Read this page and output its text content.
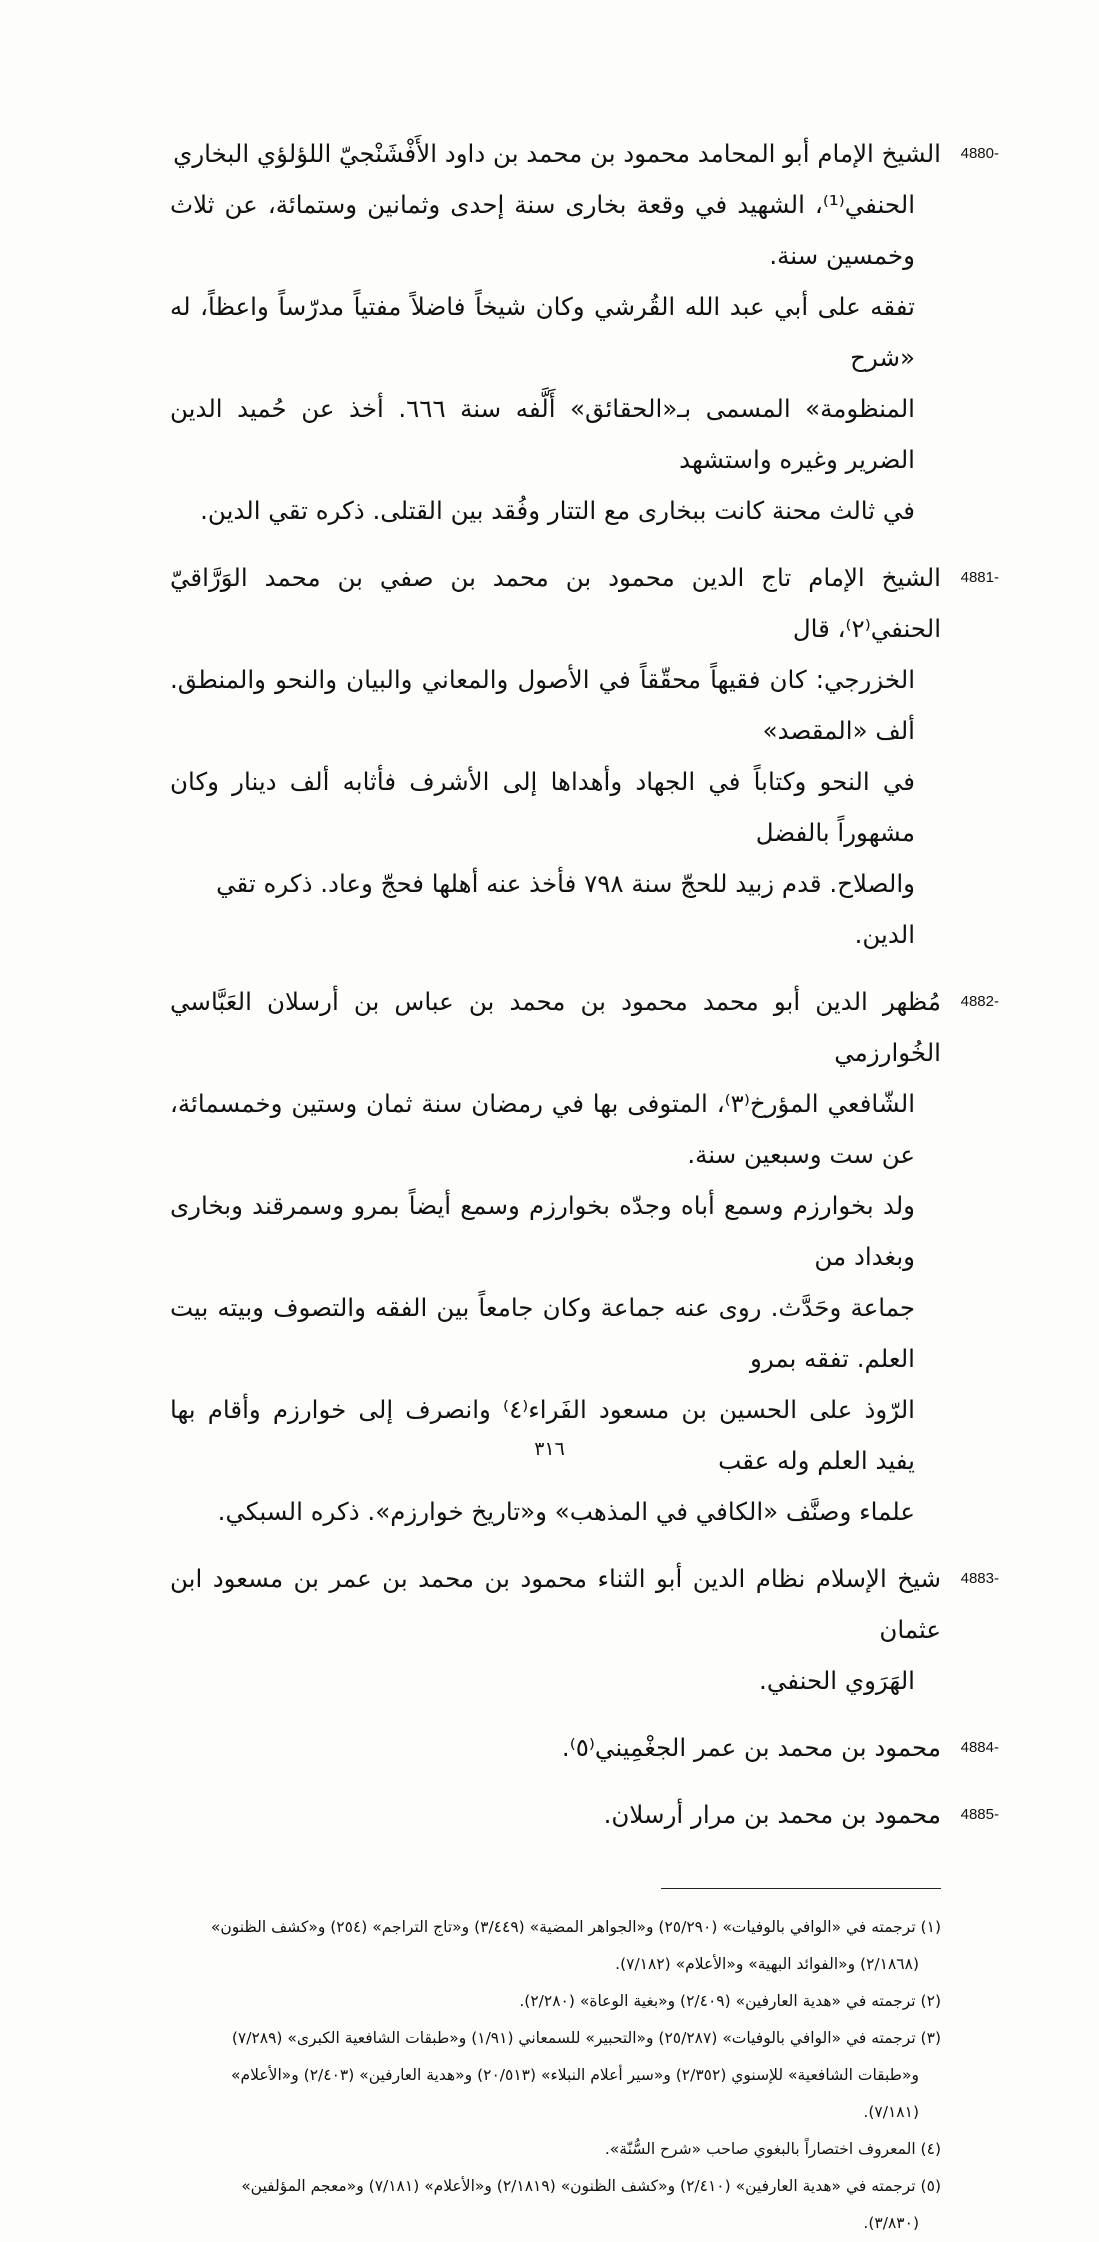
4880-

الشيخ الإمام أبو المحامد محمود بن محمد بن داود الأَفْشَنْجيّ اللؤلؤي البخاري

الحنفي⁽¹⁾، الشهيد في وقعة بخارى سنة إحدى وثمانين وستمائة، عن ثلاث وخمسين سنة.

تفقه على أبي عبد الله القُرشي وكان شيخاً فاضلاً مفتياً مدرّساً واعظاً، له «شرح

المنظومة» المسمى بـ«الحقائق» أَلَّفه سنة ٦٦٦. أخذ عن حُميد الدين الضرير وغيره واستشهد

في ثالث محنة كانت ببخارى مع التتار وفُقد بين القتلى. ذكره تقي الدين.

4881-

الشيخ الإمام تاج الدين محمود بن محمد بن صفي بن محمد الوَرَّاقيّ الحنفي⁽٢⁾، قال

الخزرجي: كان فقيهاً محقّقاً في الأصول والمعاني والبيان والنحو والمنطق. ألف «المقصد»

في النحو وكتاباً في الجهاد وأهداها إلى الأشرف فأثابه ألف دينار وكان مشهوراً بالفضل

والصلاح. قدم زبيد للحجّ سنة ٧٩٨ فأخذ عنه أهلها فحجّ وعاد. ذكره تقي الدين.

4882-

مُظهر الدين أبو محمد محمود بن محمد بن عباس بن أرسلان العَبَّاسي الخُوارزمي

الشّافعي المؤرخ⁽٣⁾، المتوفى بها في رمضان سنة ثمان وستين وخمسمائة، عن ست وسبعين سنة.

ولد بخوارزم وسمع أباه وجدّه بخوارزم وسمع أيضاً بمرو وسمرقند وبخارى وبغداد من

جماعة وحَدَّث. روى عنه جماعة وكان جامعاً بين الفقه والتصوف وبيته بيت العلم. تفقه بمرو

الرّوذ على الحسين بن مسعود الفَراء⁽٤⁾ وانصرف إلى خوارزم وأقام بها يفيد العلم وله عقب

علماء وصنَّف «الكافي في المذهب» و«تاريخ خوارزم». ذكره السبكي.

4883-

شيخ الإسلام نظام الدين أبو الثناء محمود بن محمد بن عمر بن مسعود ابن عثمان

الهَرَوي الحنفي.

4884-

محمود بن محمد بن عمر الجغْمِيني⁽٥⁾.

4885-

محمود بن محمد بن مرار أرسلان.

(١) ترجمته في «الوافي بالوفيات» (٢٥/٢٩٠) و«الجواهر المضية» (٣/٤٤٩) و«تاج التراجم» (٢٥٤) و«كشف الظنون»

(٢/١٨٦٨) و«الفوائد البهية» و«الأعلام» (٧/١٨٢).

(٢) ترجمته في «هدية العارفين» (٢/٤٠٩) و«بغية الوعاة» (٢/٢٨٠).

(٣) ترجمته في «الوافي بالوفيات» (٢٥/٢٨٧) و«التحبير» للسمعاني (١/٩١) و«طبقات الشافعية الكبرى» (٧/٢٨٩)

و«طبقات الشافعية» للإسنوي (٢/٣٥٢) و«سير أعلام النبلاء» (٢٠/٥١٣) و«هدية العارفين» (٢/٤٠٣) و«الأعلام»

(٧/١٨١).

(٤) المعروف اختصاراً بالبغوي صاحب «شرح السُّنّة».

(٥) ترجمته في «هدية العارفين» (٢/٤١٠) و«كشف الظنون» (٢/١٨١٩) و«الأعلام» (٧/١٨١) و«معجم المؤلفين»

(٣/٨٣٠).

٣١٦
